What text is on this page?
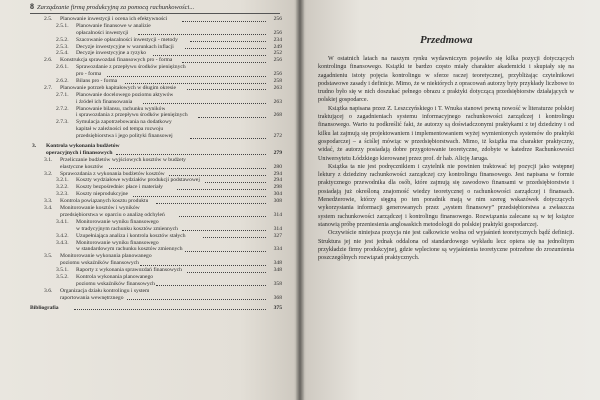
8 Zarządzanie firmą produkcyjną za pomocą rachunkowości...
2.5. Planowanie inwestycji i ocena ich efektywności	256
2.5.1. Planowanie finansowe w analizie
opłacalności inwestycji	256
2.5.2. Szacowanie opłacalności inwestycji - metody	234
2.5.3. Decyzje inwestycyjne w warunkach inflacji	249
2.5.4. Decyzje inwestycyjne a ryzyko	252
2.6. Konstrukcja sprawozdań finansowych pro - forma	256
2.6.1. Sprawozdanie z przepływu środków pieniężnych
pro - forma	256
2.6.2. Bilans pro - forma	258
2.7. Planowanie potrzeb kapitałowych w długim okresie	263
2.7.1. Planowanie docelowego poziomu aktywów
i źródeł ich finansowania	263
2.7.2. Planowanie bilansu, rachunku wyników
i sprawozdania z przepływu środków pieniężnych	268
2.7.3. Symulacja zapotrzebowania na dodatkowy
kapitał w zależności od tempa rozwoju
przedsiębiorstwa i jego polityki finansowej	272
3. Kontrola wykonania budżetów
operacyjnych i finansowych	279
3.1. Przeliczanie budżetów wyjściowych kosztów w budżety
elastyczne kosztów	280
3.2. Sprawozdania z wykonania budżetów kosztów	294
3.2.1. Koszty wydziałowe wydziałów produkcji podstawowej	294
3.2.2. Koszty bezpośrednie: płace i materiały	298
3.2.3. Koszty nieprodukcyjne	304
3.3. Kontrola powiązanych kosztu produktu	308
3.4. Monitorowanie kosztów i wyników
przedsiębiorstwa w oparciu o analizę odchyleń	314
3.4.1. Monitorowanie wyniku finansowego
w tradycyjnym rachunku kosztów zmiennych	314
3.4.2. Uzupełniająca analiza i kontrola kosztów stałych	327
3.4.3. Monitorowanie wyniku finansowego
w standardowym rachunku kosztów zmiennych	334
3.5. Monitorowanie wykonania planowanego
poziomu wskaźników finansowych	348
3.5.1. Raporty z wykonania sprawozdań finansowych	348
3.5.2. Kontrola wykonania planowanego
poziomu wskaźników finansowych	358
3.6. Organizacja działu kontrolingu i system
raportowania wewnętrznego	368
Bibliografia	375
Przedmowa

W ostatnich latach na naszym rynku wydawniczym pojawiło się kilka pozycji dotyczących kontrolingu finansowego. Książki te bardzo często miały charakter akademicki i skupiały się na zagadnieniu istoty pojęcia kontrolingu w sferze raczej teoretycznej, przybliżając czytelnikowi podstawowe zasady i definicje. Mimo, że w niektórych z opracowań autorzy byty przykłady liczbowe to trudno było się w nich doszukać pełnego obrazu z praktyki dotyczącą przedsiębiorstw działających w polskiej gospodarce.

Książka napisana przez Z. Leszczyńskiego i T. Wnuka stanowi pewną nowość w literaturze polskiej traktującej o zagadnieniach systemu informacyjnego rachunkowości zarządczej i kontrolingu finansowego. Warto tu podkreślić fakt, że autorzy są doświadczonymi praktykami z tej dziedziny i od kilku lat zajmują się projektowaniem i implementowaniem wyżej wymienionych systemów do praktyki gospodarczej – a ściślej mówiąc w przedsiębiorstwach. Mimo, iż książka ma charakter praktyczny, widać, że autorzy posiadają dobre przygotowanie teoretyczne, zdobyte w katedrze Rachunkowości Uniwersytetu Łódzkiego kierowanej przez prof. dr hab. Alicję Jaruga.

Książka ta nie jest podręcznikiem i czytelnik nie powinien traktować tej pozycji jako wstępnej lektury z dziedziny rachunkowości zarządczej czy kontrolingu finansowego. Jest napisana w formie praktycznego przewodnika dla osób, które zajmują się zawodowo finansami w przedsiębiorstwie i posiadają już określoną znajomość wiedzy teoretycznej o rachunkowości zarządczej i finansach. Menedżerowie, którzy sięgną po ten poradnik mają w nim szereg wskazówek dotyczących wykorzystania informacji generowanych przez „system finansowy” przedsiębiorstwa a zwłaszcza system rachunkowości zarządczej i kontrolingu finansowego. Rozwiązania zalecane są w tej książce stanowią próbę przeniesienia anglosaskich metodologii do polskiej praktyki gospodarczej.

Oczywiście niniejsza pozycja nie jest całkowicie wolna od wyjaśnień teoretycznych bądź definicji. Struktura jej nie jest jednak oddalona od standardowego wykładu lecz opiera się na jednolitym przykładzie firmy produkcyjnej, gdzie wplecione są wyjaśnienia teoretyczne potrzebne do zrozumienia poszczególnych rozwiązań praktycznych.
